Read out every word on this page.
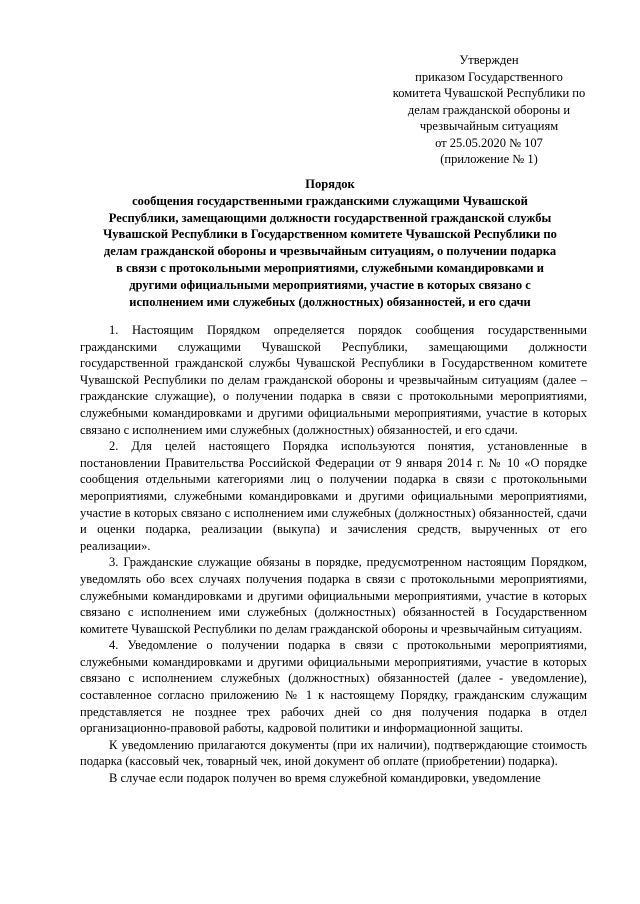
Утвержден
приказом Государственного
комитета Чувашской Республики по
делам гражданской обороны и
чрезвычайным ситуациям
от 25.05.2020 № 107
(приложение № 1)
Порядок
сообщения государственными гражданскими служащими Чувашской
Республики, замещающими должности государственной гражданской службы
Чувашской Республики в Государственном комитете Чувашской Республики по
делам гражданской обороны и чрезвычайным ситуациям, о получении подарка
в связи с протокольными мероприятиями, служебными командировками и
другими официальными мероприятиями, участие в которых связано с
исполнением ими служебных (должностных) обязанностей, и его сдачи

1. Настоящим Порядком определяется порядок сообщения государственными гражданскими служащими Чувашской Республики, замещающими должности государственной гражданской службы Чувашской Республики в Государственном комитете Чувашской Республики по делам гражданской обороны и чрезвычайным ситуациям (далее – гражданские служащие), о получении подарка в связи с протокольными мероприятиями, служебными командировками и другими официальными мероприятиями, участие в которых связано с исполнением ими служебных (должностных) обязанностей, и его сдачи.

2. Для целей настоящего Порядка используются понятия, установленные в постановлении Правительства Российской Федерации от 9 января 2014 г. № 10 «О порядке сообщения отдельными категориями лиц о получении подарка в связи с протокольными мероприятиями, служебными командировками и другими официальными мероприятиями, участие в которых связано с исполнением ими служебных (должностных) обязанностей, сдачи и оценки подарка, реализации (выкупа) и зачисления средств, вырученных от его реализации».

3. Гражданские служащие обязаны в порядке, предусмотренном настоящим Порядком, уведомлять обо всех случаях получения подарка в связи с протокольными мероприятиями, служебными командировками и другими официальными мероприятиями, участие в которых связано с исполнением ими служебных (должностных) обязанностей в Государственном комитете Чувашской Республики по делам гражданской обороны и чрезвычайным ситуациям.

4. Уведомление о получении подарка в связи с протокольными мероприятиями, служебными командировками и другими официальными мероприятиями, участие в которых связано с исполнением служебных (должностных) обязанностей (далее - уведомление), составленное согласно приложению № 1 к настоящему Порядку, гражданским служащим представляется не позднее трех рабочих дней со дня получения подарка в отдел организационно-правовой работы, кадровой политики и информационной защиты.

К уведомлению прилагаются документы (при их наличии), подтверждающие стоимость подарка (кассовый чек, товарный чек, иной документ об оплате (приобретении) подарка).

В случае если подарок получен во время служебной командировки, уведомление
